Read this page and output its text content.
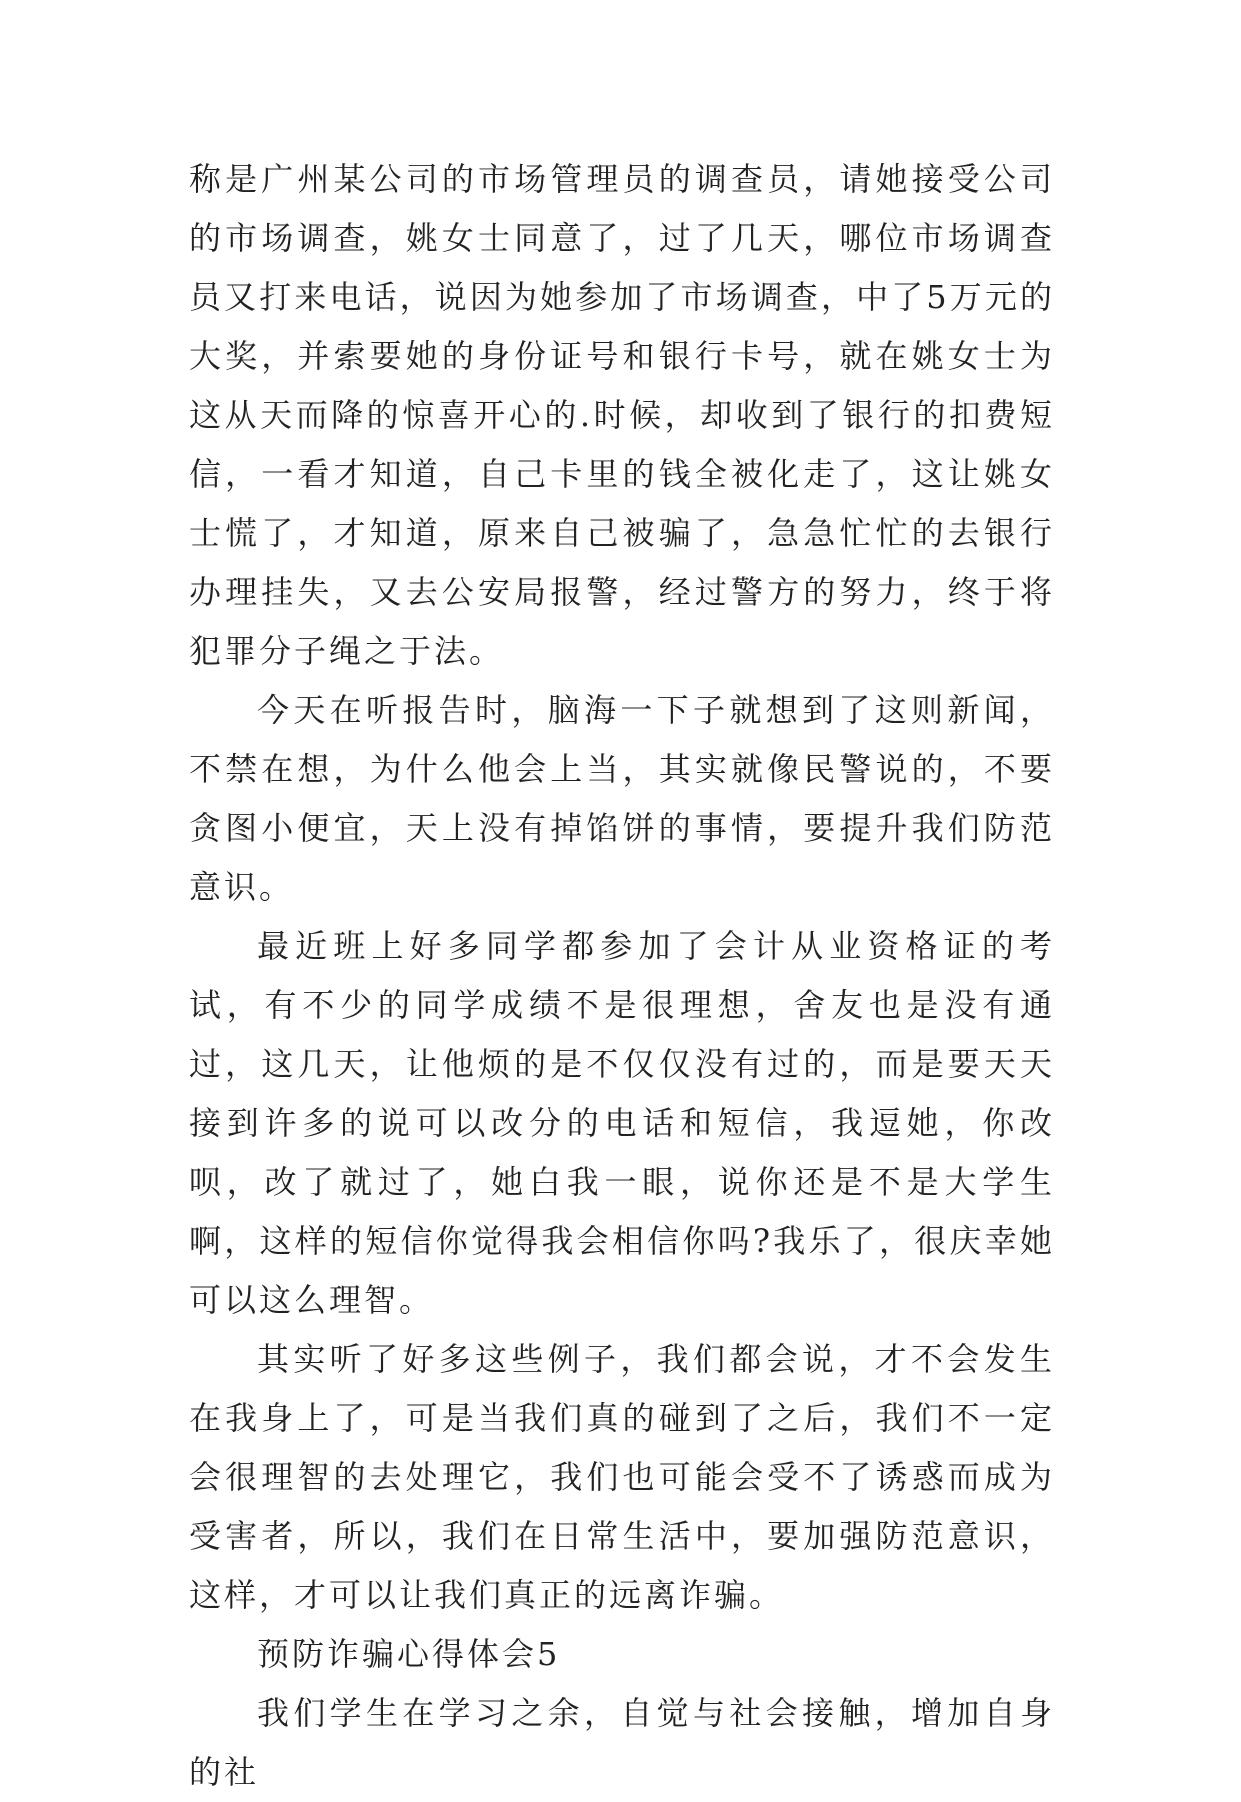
称是广州某公司的市场管理员的调查员，请她接受公司的市场调查，姚女士同意了，过了几天，哪位市场调查员又打来电话，说因为她参加了市场调查，中了5万元的大奖，并索要她的身份证号和银行卡号，就在姚女士为这从天而降的惊喜开心的.时候，却收到了银行的扣费短信，一看才知道，自己卡里的钱全被化走了，这让姚女士慌了，才知道，原来自己被骗了，急急忙忙的去银行办理挂失，又去公安局报警，经过警方的努力，终于将犯罪分子绳之于法。

今天在听报告时，脑海一下子就想到了这则新闻，不禁在想，为什么他会上当，其实就像民警说的，不要贪图小便宜，天上没有掉馅饼的事情，要提升我们防范意识。

最近班上好多同学都参加了会计从业资格证的考试，有不少的同学成绩不是很理想，舍友也是没有通过，这几天，让他烦的是不仅仅没有过的，而是要天天接到许多的说可以改分的电话和短信，我逗她，你改呗，改了就过了，她白我一眼，说你还是不是大学生啊，这样的短信你觉得我会相信你吗?我乐了，很庆幸她可以这么理智。

其实听了好多这些例子，我们都会说，才不会发生在我身上了，可是当我们真的碰到了之后，我们不一定会很理智的去处理它，我们也可能会受不了诱惑而成为受害者，所以，我们在日常生活中，要加强防范意识，这样，才可以让我们真正的远离诈骗。

预防诈骗心得体会5

我们学生在学习之余，自觉与社会接触，增加自身的社
